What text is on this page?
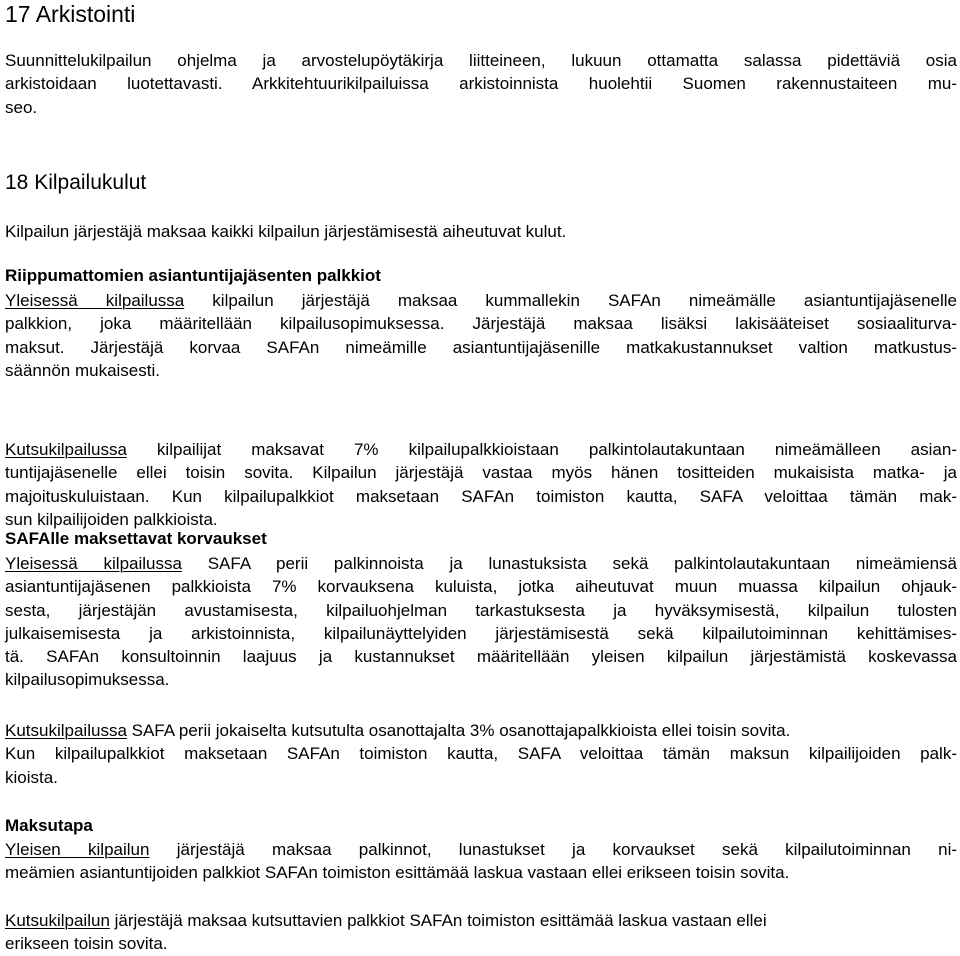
17 Arkistointi

Suunnittelukilpailun ohjelma ja arvostelupöytäkirja liitteineen, lukuun ottamatta salassa pidettäviä osia
arkistoidaan luotettavasti. Arkkitehtuurikilpailuissa arkistoinnista huolehtii Suomen rakennustaiteen mu-
seo.

18 Kilpailukulut

Kilpailun järjestäjä maksaa kaikki kilpailun järjestämisestä aiheutuvat kulut.

Riippumattomien asiantuntijajäsenten palkkiot

Yleisessä kilpailussa kilpailun järjestäjä maksaa kummallekin SAFAn nimeämälle asiantuntijajäsenelle
palkkion, joka määritellään kilpailusopimuksessa. Järjestäjä maksaa lisäksi lakisääteiset sosiaaliturva-
maksut. Järjestäjä korvaa SAFAn nimeämille asiantuntijajäsenille matkakustannukset valtion matkustus-
säännön mukaisesti.

Kutsukilpailussa kilpailijat maksavat 7% kilpailupalkkioistaan palkintolautakuntaan nimeämälleen asian-
tuntijajäsenelle ellei toisin sovita. Kilpailun järjestäjä vastaa myös hänen tositteiden mukaisista matka- ja
majoituskuluistaan. Kun kilpailupalkkiot maksetaan SAFAn toimiston kautta, SAFA veloittaa tämän mak-
sun kilpailijoiden palkkioista.

SAFAlle maksettavat korvaukset

Yleisessä kilpailussa SAFA perii palkinnoista ja lunastuksista sekä palkintolautakuntaan nimeämiensä
asiantuntijajäsenen palkkioista 7% korvauksena kuluista, jotka aiheutuvat muun muassa kilpailun ohjauk-
sesta, järjestäjän avustamisesta, kilpailuohjelman tarkastuksesta ja hyväksymisestä, kilpailun tulosten
julkaisemisesta ja arkistoinnista, kilpailunäyttelyiden järjestämisestä sekä kilpailutoiminnan kehittämises-
tä. SAFAn konsultoinnin laajuus ja kustannukset määritellään yleisen kilpailun järjestämistä koskevassa
kilpailusopimuksessa.

Kutsukilpailussa SAFA perii jokaiselta kutsutulta osanottajalta 3% osanottajapalkkioista ellei toisin sovita.
Kun kilpailupalkkiot maksetaan SAFAn toimiston kautta, SAFA veloittaa tämän maksun kilpailijoiden palk-
kioista.

Maksutapa

Yleisen kilpailun järjestäjä maksaa palkinnot, lunastukset ja korvaukset sekä kilpailutoiminnan ni-
meämien asiantuntijoiden palkkiot SAFAn toimiston esittämää laskua vastaan ellei erikseen toisin sovita.

Kutsukilpailun järjestäjä maksaa kutsuttavien palkkiot SAFAn toimiston esittämää laskua vastaan ellei
erikseen toisin sovita.
